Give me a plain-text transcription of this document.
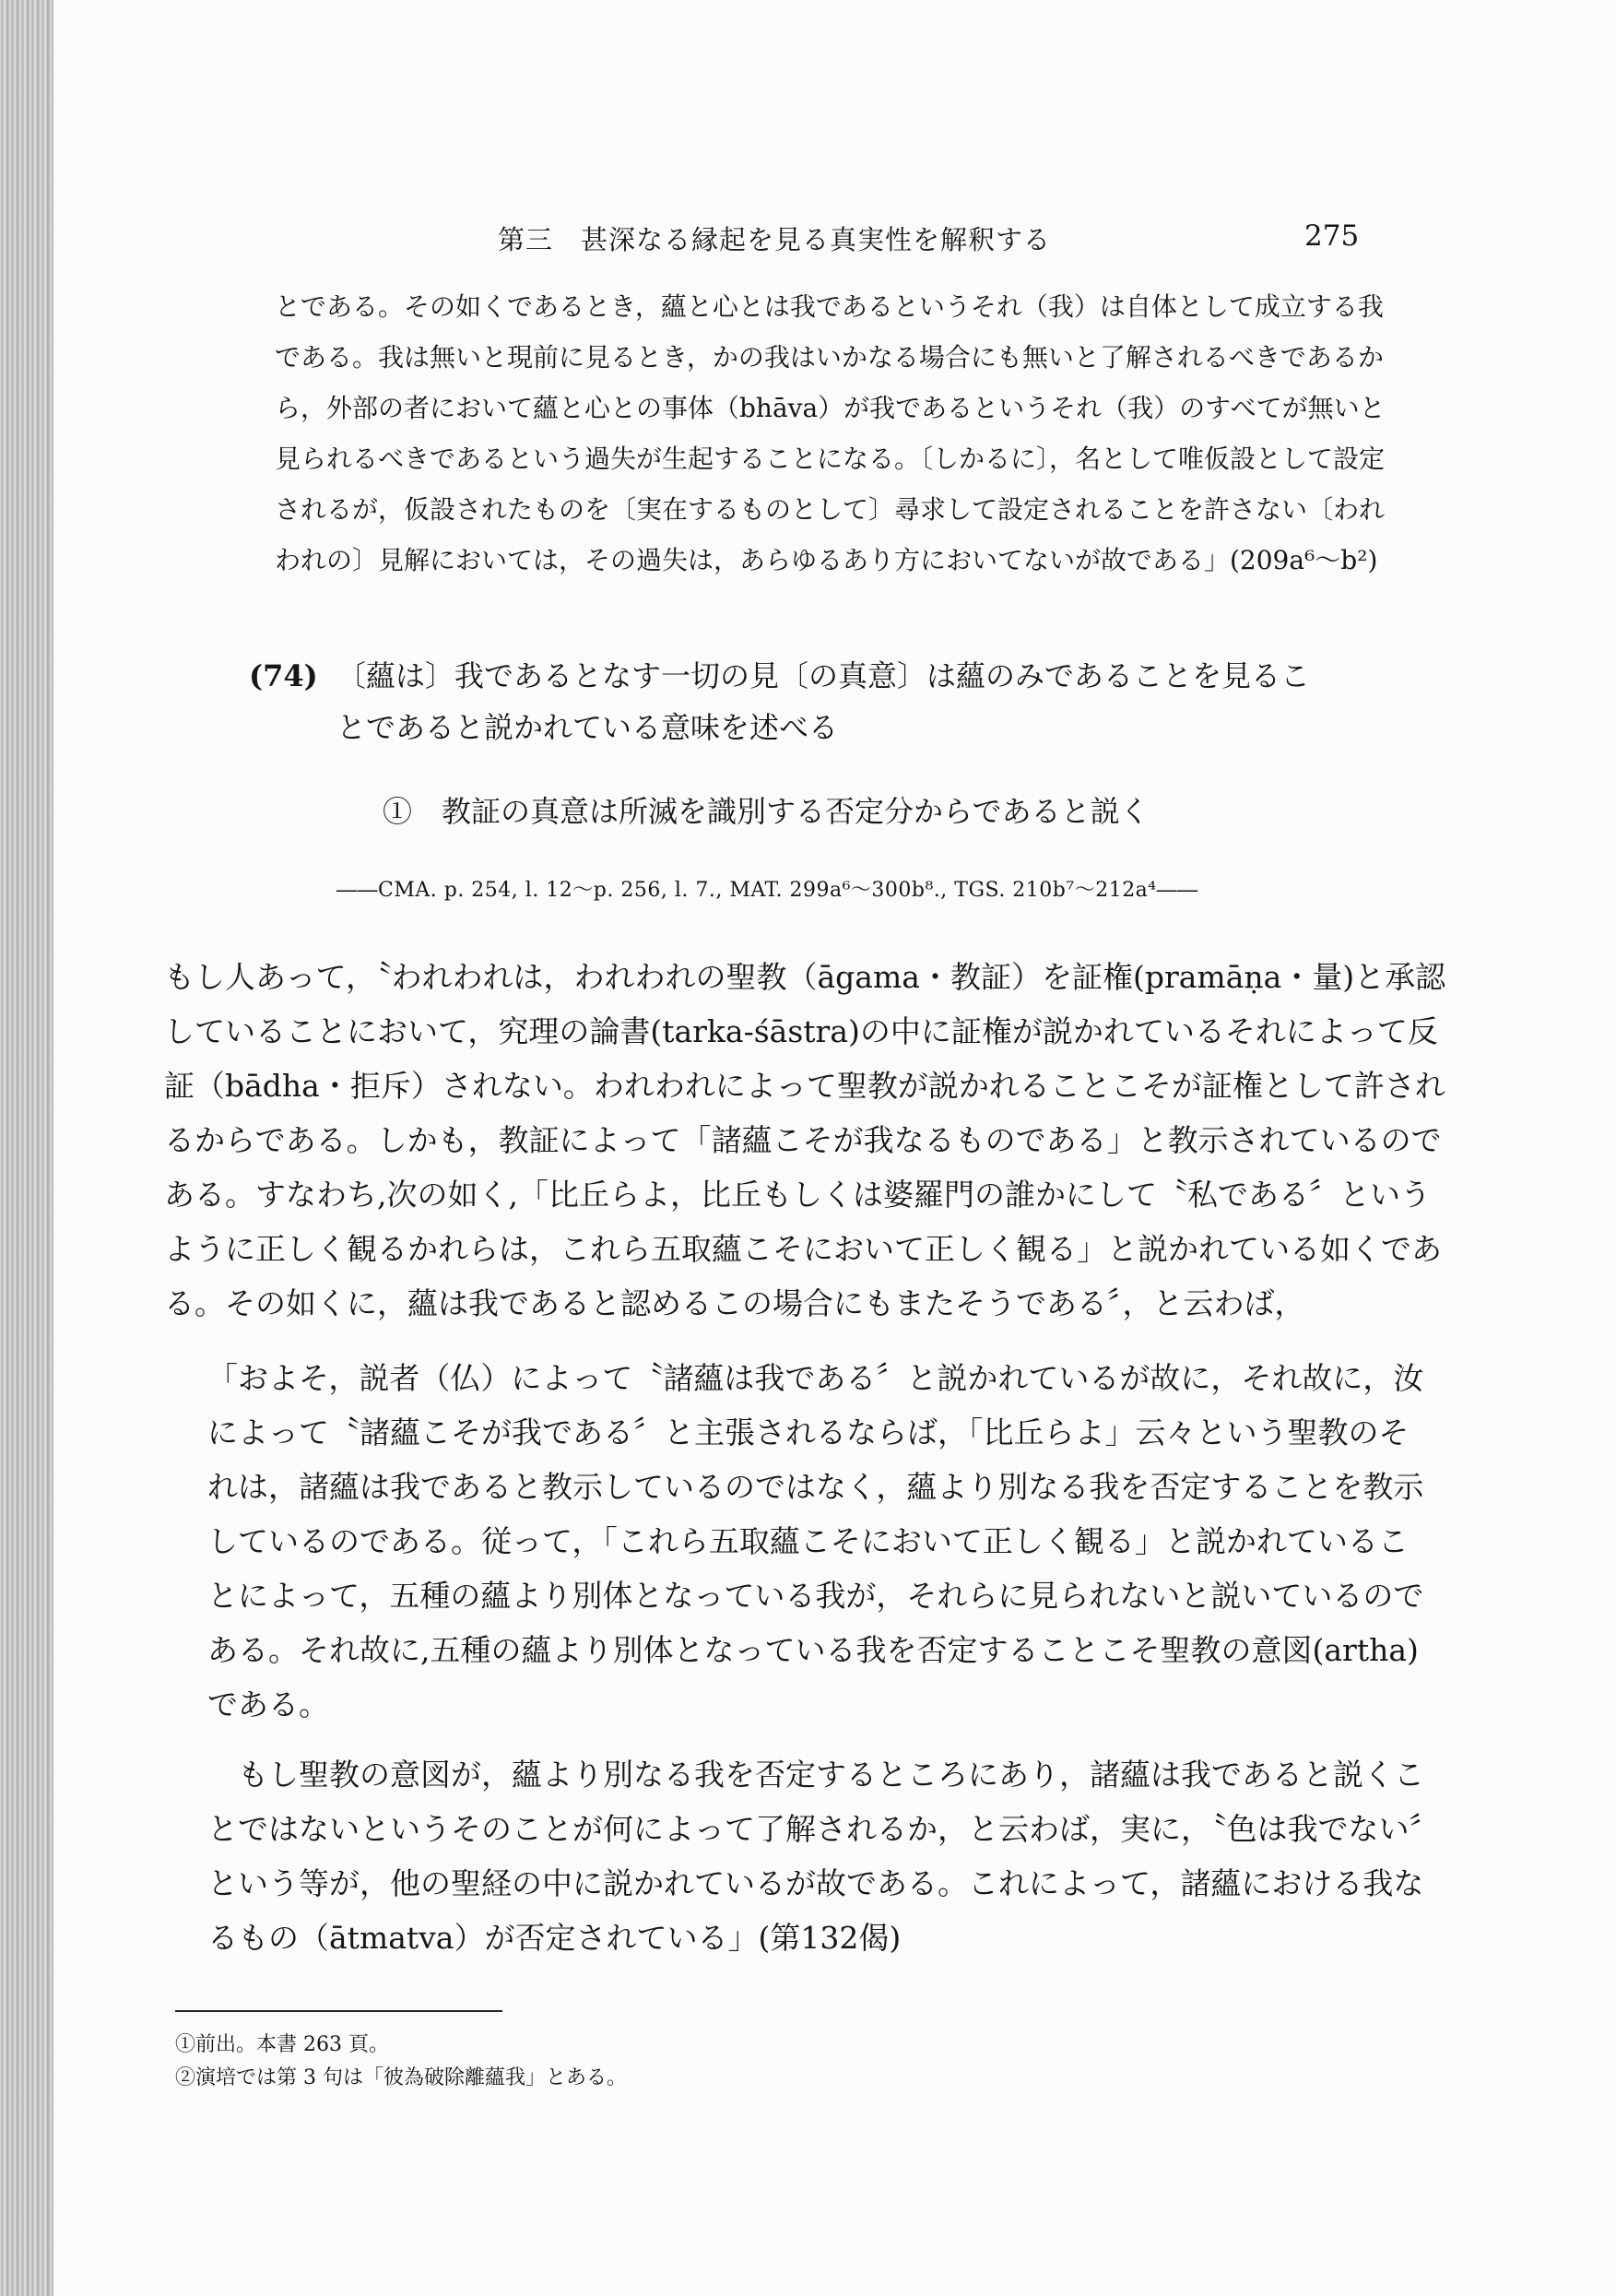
第三　甚深なる縁起を見る真実性を解釈する	275
とである。その如くであるとき，蘊と心とは我であるというそれ（我）は自体として成立する我
である。我は無いと現前に見るとき，かの我はいかなる場合にも無いと了解されるべきであるか
ら，外部の者において蘊と心との事体（bhāva）が我であるというそれ（我）のすべてが無いと
見られるべきであるという過失が生起することになる。〔しかるに〕，名として唯仮設として設定
されるが，仮設されたものを〔実在するものとして〕尋求して設定されることを許さない〔われ
われの〕見解においては，その過失は，あらゆるあり方においてないが故である」(209a⁶～b²)
(74) 〔蘊は〕我であるとなす一切の見〔の真意〕は蘊のみであることを見るこ
とであると説かれている意味を述べる
①　教証の真意は所滅を識別する否定分からであると説く
――CMA. p. 254, l. 12～p. 256, l. 7., MAT. 299a⁶～300b⁸., TGS. 210b⁷～212a⁴――
もし人あって，〝われわれは，われわれの聖教（āgama・教証）を証権(pramāṇa・量)と承認
していることにおいて，究理の論書(tarka-śāstra)の中に証権が説かれているそれによって反
証（bādha・拒斥）されない。われわれによって聖教が説かれることこそが証権として許され
るからである。しかも，教証によって「諸蘊こそが我なるものである」と教示されているので
ある。すなわち,次の如く,「比丘らよ，比丘もしくは婆羅門の誰かにして〝私である〞という
ように正しく観るかれらは，これら五取蘊こそにおいて正しく観る」と説かれている如くであ
る。その如くに，蘊は我であると認めるこの場合にもまたそうである〞，と云わば，
「およそ，説者（仏）によって〝諸蘊は我である〞と説かれているが故に，それ故に，汝
によって〝諸蘊こそが我である〞と主張されるならば，「比丘らよ」云々という聖教のそ
れは，諸蘊は我であると教示しているのではなく，蘊より別なる我を否定することを教示
しているのである。従って，「これら五取蘊こそにおいて正しく観る」と説かれているこ
とによって，五種の蘊より別体となっている我が，それらに見られないと説いているので
ある。それ故に,五種の蘊より別体となっている我を否定することこそ聖教の意図(artha)
である。
　もし聖教の意図が，蘊より別なる我を否定するところにあり，諸蘊は我であると説くこ
とではないというそのことが何によって了解されるか，と云わば，実に，〝色は我でない〞
という等が，他の聖経の中に説かれているが故である。これによって，諸蘊における我な
るもの（ātmatva）が否定されている」(第132偈)
①前出。本書 263 頁。
②演培では第 3 句は「彼為破除離蘊我」とある。
